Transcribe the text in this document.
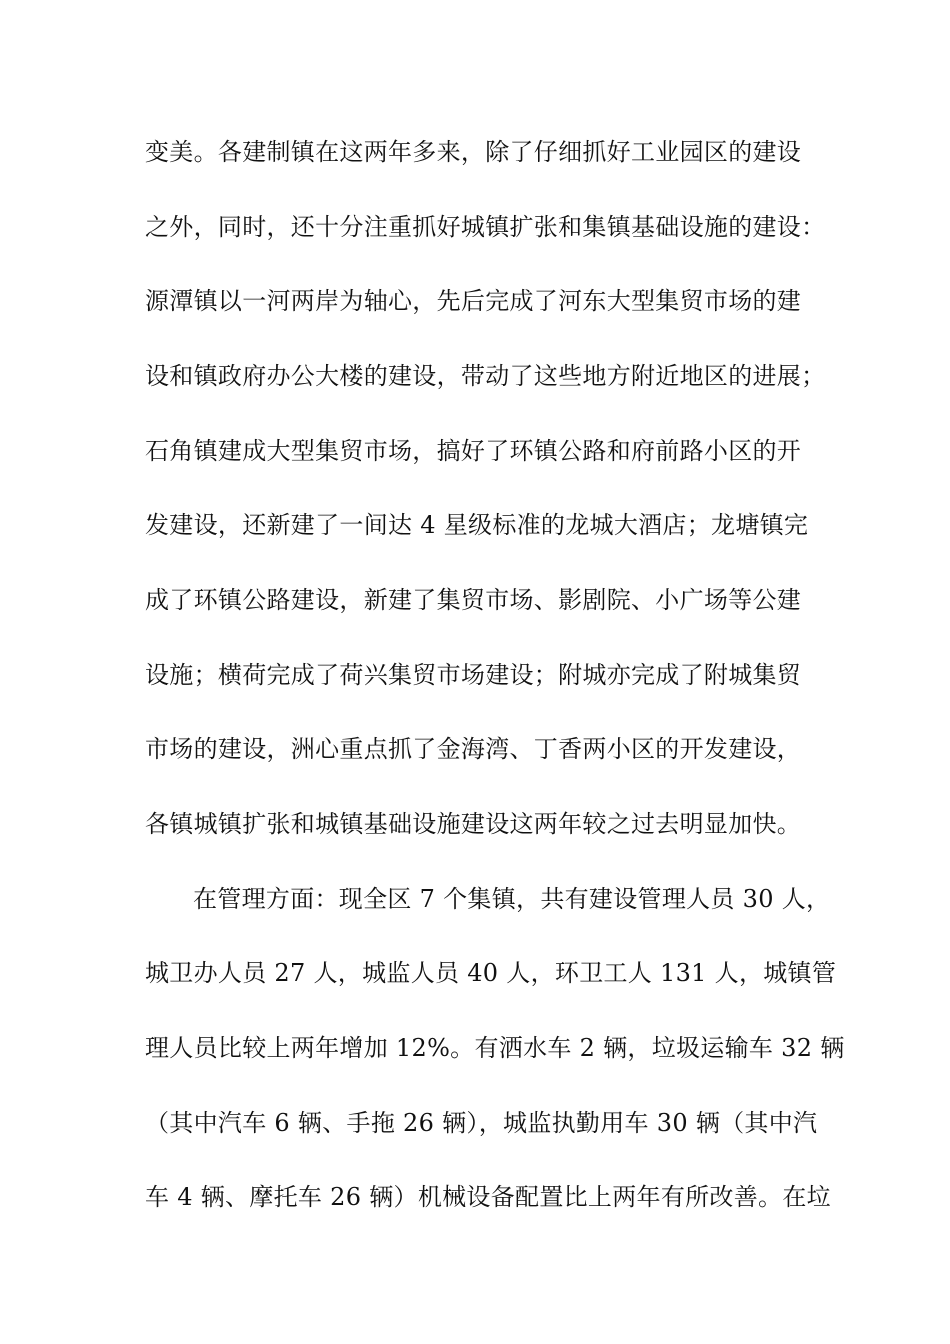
变美。各建制镇在这两年多来，除了仔细抓好工业园区的建设
之外，同时，还十分注重抓好城镇扩张和集镇基础设施的建设：
源潭镇以一河两岸为轴心，先后完成了河东大型集贸市场的建
设和镇政府办公大楼的建设，带动了这些地方附近地区的进展；
石角镇建成大型集贸市场，搞好了环镇公路和府前路小区的开
发建设，还新建了一间达 4 星级标准的龙城大酒店；龙塘镇完
成了环镇公路建设，新建了集贸市场、影剧院、小广场等公建
设施；横荷完成了荷兴集贸市场建设；附城亦完成了附城集贸
市场的建设，洲心重点抓了金海湾、丁香两小区的开发建设，
各镇城镇扩张和城镇基础设施建设这两年较之过去明显加快。
在管理方面：现全区 7 个集镇，共有建设管理人员 30 人，
城卫办人员 27 人，城监人员 40 人，环卫工人 131 人，城镇管
理人员比较上两年增加 12%。有洒水车 2 辆，垃圾运输车 32 辆
（其中汽车 6 辆、手拖 26 辆），城监执勤用车 30 辆（其中汽
车 4 辆、摩托车 26 辆）机械设备配置比上两年有所改善。在垃
